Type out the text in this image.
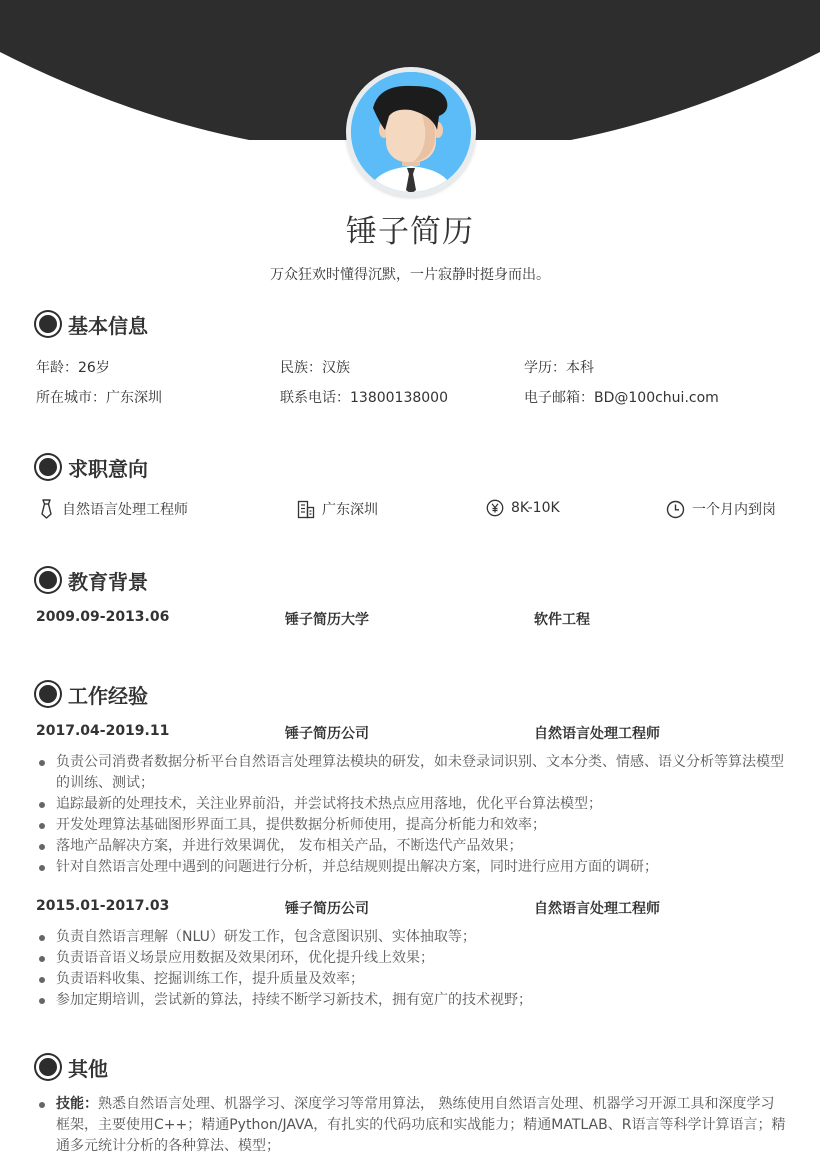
锤子简历
万众狂欢时懂得沉默，一片寂静时挺身而出。
基本信息
年龄：26岁	民族：汉族	学历：本科
所在城市：广东深圳	联系电话：13800138000	电子邮箱：BD@100chui.com
求职意向
自然语言处理工程师	广东深圳	8K-10K	一个月内到岗
教育背景
2009.09-2013.06	锤子简历大学	软件工程
工作经验
2017.04-2019.11	锤子简历公司	自然语言处理工程师
负责公司消费者数据分析平台自然语言处理算法模块的研发，如未登录词识别、文本分类、情感、语义分析等算法模型的训练、测试；
追踪最新的处理技术，关注业界前沿，并尝试将技术热点应用落地，优化平台算法模型；
开发处理算法基础图形界面工具，提供数据分析师使用，提高分析能力和效率；
落地产品解决方案，并进行效果调优， 发布相关产品，不断迭代产品效果；
针对自然语言处理中遇到的问题进行分析，并总结规则提出解决方案，同时进行应用方面的调研；
2015.01-2017.03	锤子简历公司	自然语言处理工程师
负责自然语言理解（NLU）研发工作，包含意图识别、实体抽取等；
负责语音语义场景应用数据及效果闭环，优化提升线上效果；
负责语料收集、挖掘训练工作，提升质量及效率；
参加定期培训，尝试新的算法，持续不断学习新技术，拥有宽广的技术视野；
其他
技能：熟悉自然语言处理、机器学习、深度学习等常用算法， 熟练使用自然语言处理、机器学习开源工具和深度学习框架，主要使用C++；精通Python/JAVA，有扎实的代码功底和实战能力；精通MATLAB、R语言等科学计算语言；精通多元统计分析的各种算法、模型；
